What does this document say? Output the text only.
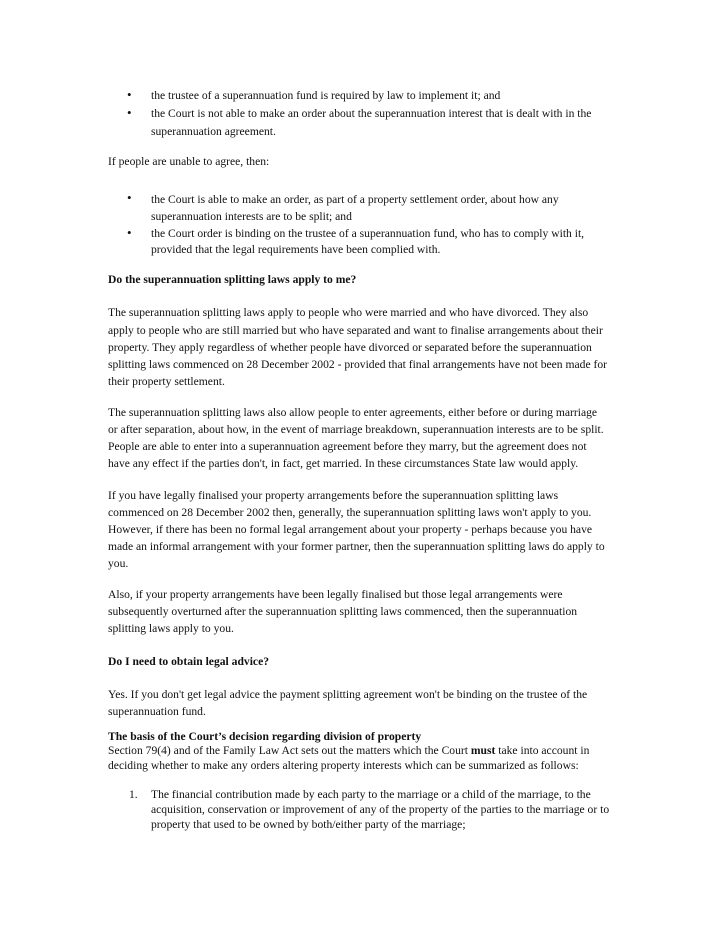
• the trustee of a superannuation fund is required by law to implement it; and
• the Court is not able to make an order about the superannuation interest that is dealt with in the
superannuation agreement.
If people are unable to agree, then:
• the Court is able to make an order, as part of a property settlement order, about how any
superannuation interests are to be split; and
• the Court order is binding on the trustee of a superannuation fund, who has to comply with it,
provided that the legal requirements have been complied with.
Do the superannuation splitting laws apply to me?
The superannuation splitting laws apply to people who were married and who have divorced. They also
apply to people who are still married but who have separated and want to finalise arrangements about their
property. They apply regardless of whether people have divorced or separated before the superannuation
splitting laws commenced on 28 December 2002 - provided that final arrangements have not been made for
their property settlement.
The superannuation splitting laws also allow people to enter agreements, either before or during marriage
or after separation, about how, in the event of marriage breakdown, superannuation interests are to be split.
People are able to enter into a superannuation agreement before they marry, but the agreement does not
have any effect if the parties don't, in fact, get married. In these circumstances State law would apply.
If you have legally finalised your property arrangements before the superannuation splitting laws
commenced on 28 December 2002 then, generally, the superannuation splitting laws won't apply to you.
However, if there has been no formal legal arrangement about your property - perhaps because you have
made an informal arrangement with your former partner, then the superannuation splitting laws do apply to
you.
Also, if your property arrangements have been legally finalised but those legal arrangements were
subsequently overturned after the superannuation splitting laws commenced, then the superannuation
splitting laws apply to you.
Do I need to obtain legal advice?
Yes. If you don't get legal advice the payment splitting agreement won't be binding on the trustee of the
superannuation fund.
The basis of the Court’s decision regarding division of property
Section 79(4) and of the Family Law Act sets out the matters which the Court must take into account in
deciding whether to make any orders altering property interests which can be summarized as follows:
1. The financial contribution made by each party to the marriage or a child of the marriage, to the
acquisition, conservation or improvement of any of the property of the parties to the marriage or to
property that used to be owned by both/either party of the marriage;
